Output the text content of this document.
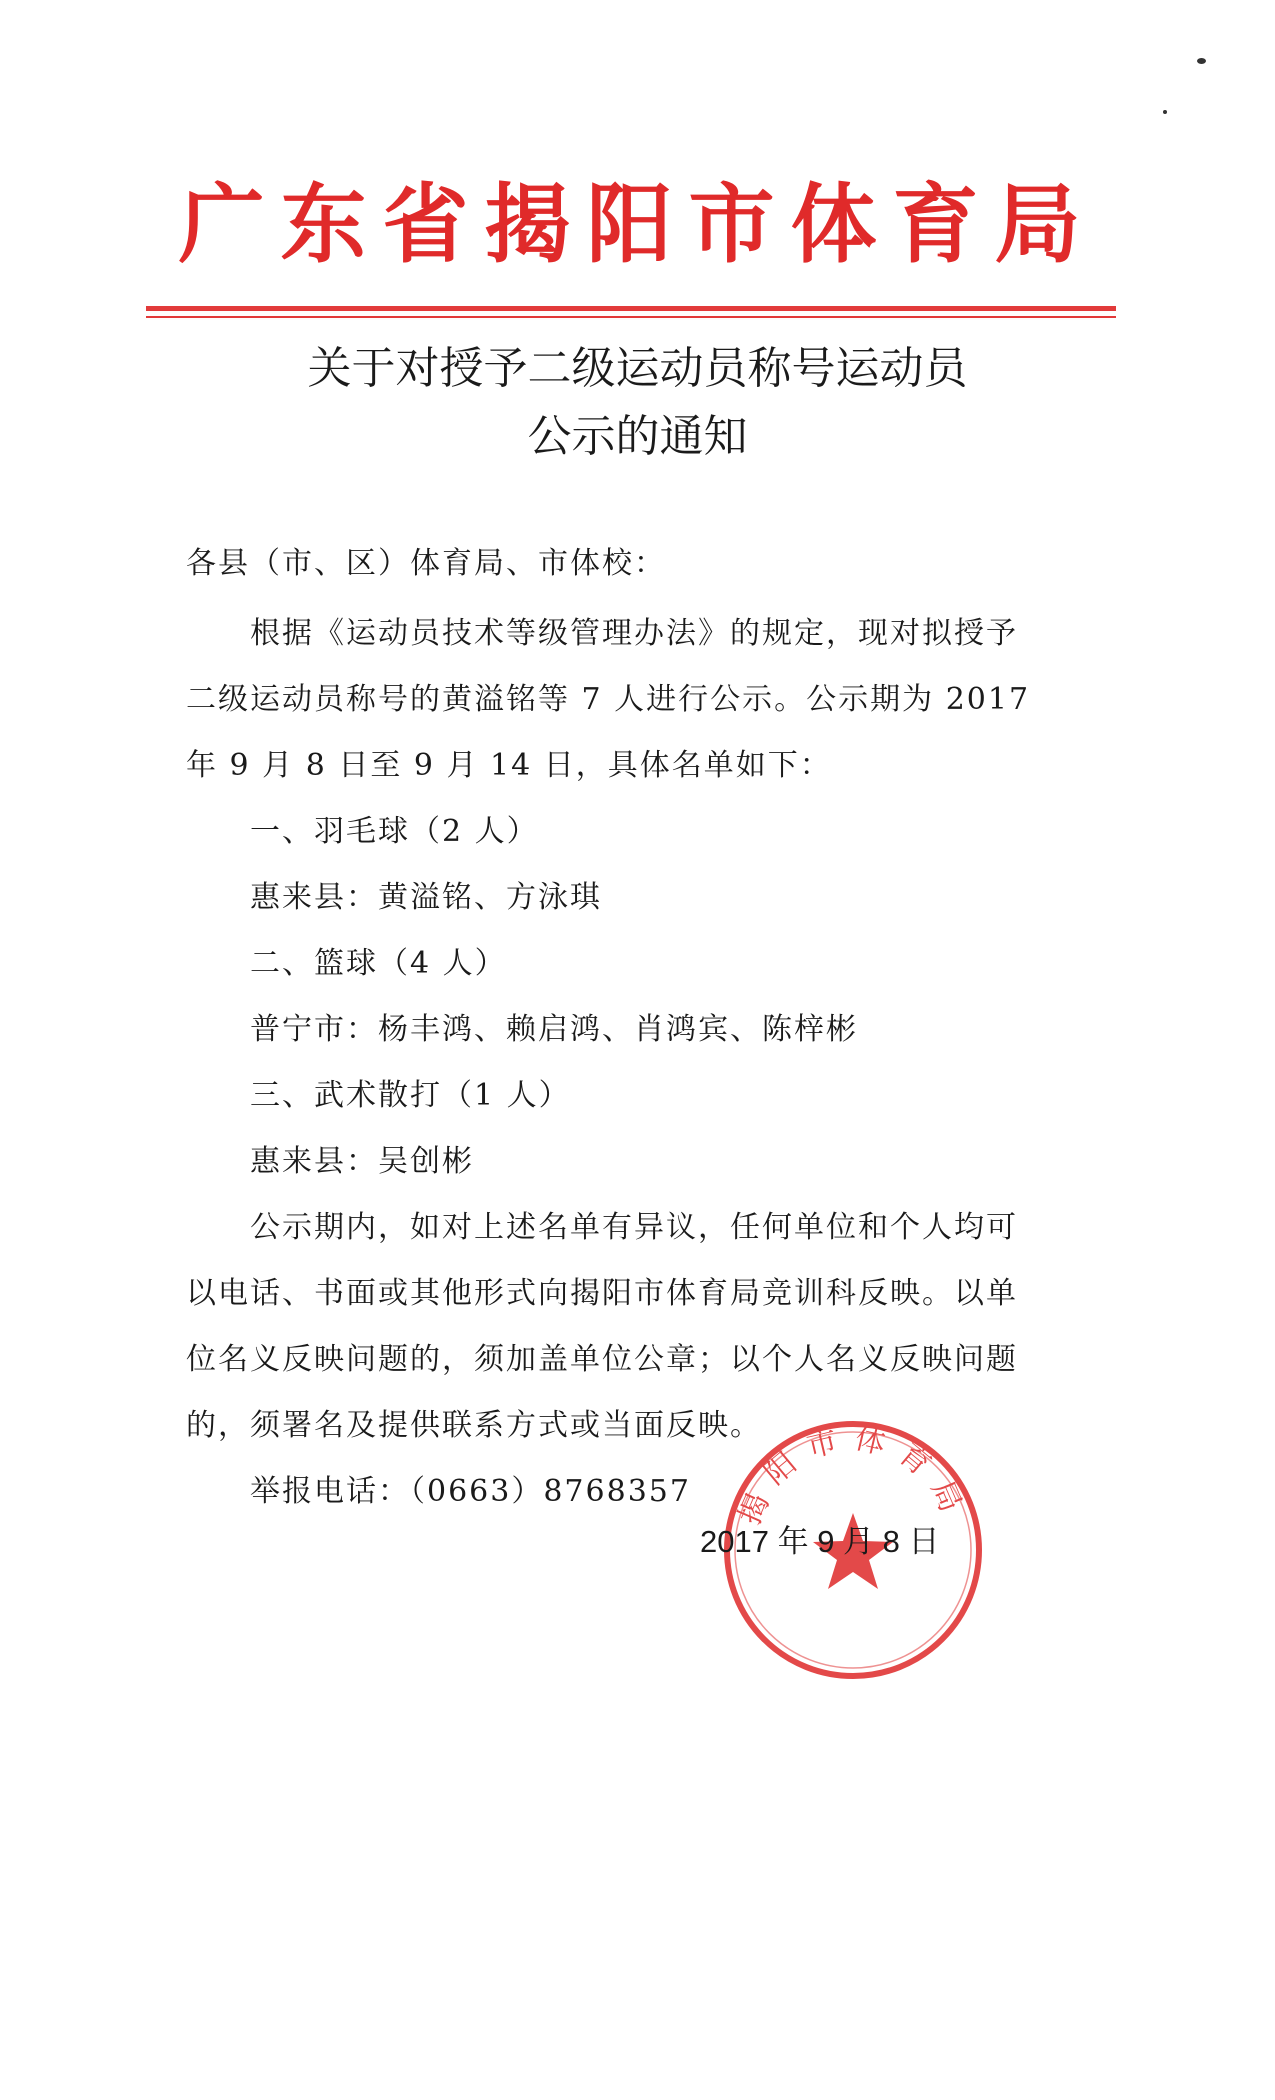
广东省揭阳市体育局
关于对授予二级运动员称号运动员
公示的通知
各县（市、区）体育局、市体校：
根据《运动员技术等级管理办法》的规定，现对拟授予
二级运动员称号的黄溢铭等 7 人进行公示。公示期为 2017
年 9 月 8 日至 9 月 14 日，具体名单如下：
一、羽毛球（2 人）
惠来县：黄溢铭、方泳琪
二、篮球（4 人）
普宁市：杨丰鸿、赖启鸿、肖鸿宾、陈梓彬
三、武术散打（1 人）
惠来县：吴创彬
公示期内，如对上述名单有异议，任何单位和个人均可
以电话、书面或其他形式向揭阳市体育局竞训科反映。以单
位名义反映问题的，须加盖单位公章；以个人名义反映问题
的，须署名及提供联系方式或当面反映。
举报电话：（0663）8768357
2017 年 9 月 8 日
揭阳市体育局
